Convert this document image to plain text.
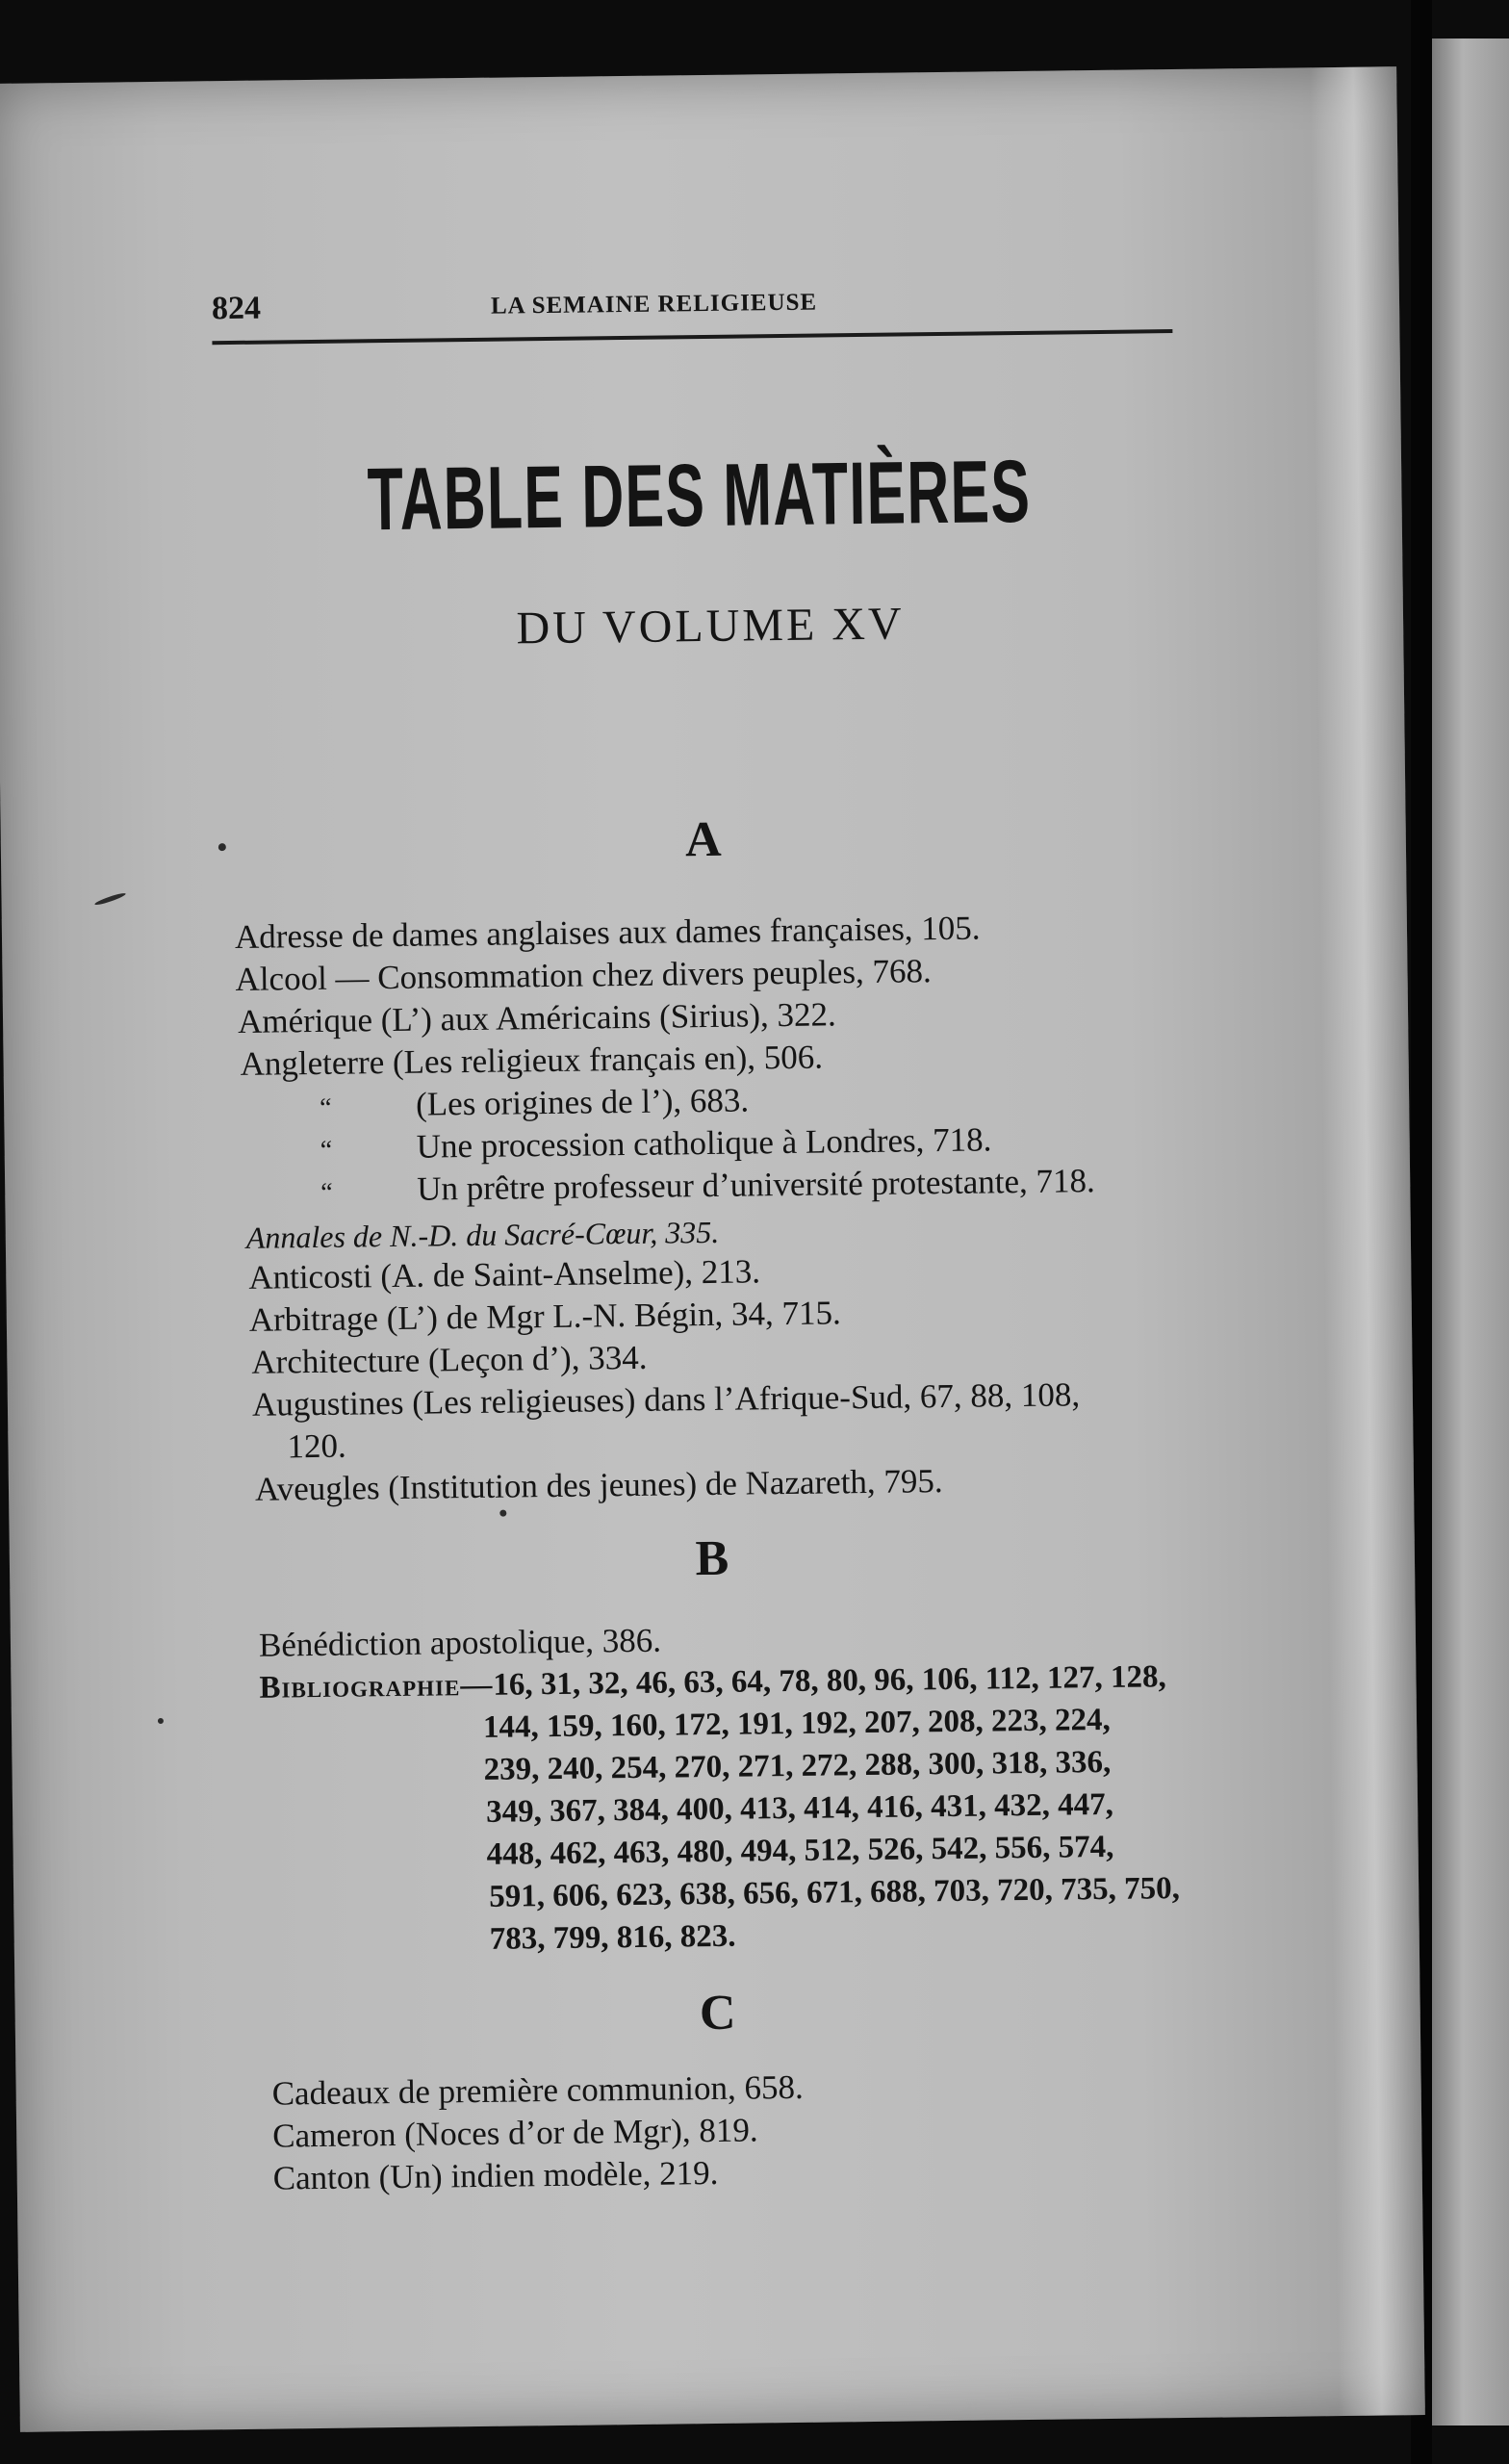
824	LA SEMAINE RELIGIEUSE
TABLE DES MATIÈRES
DU VOLUME XV
A
Adresse de dames anglaises aux dames françaises, 105.
Alcool — Consommation chez divers peuples, 768.
Amérique (L’) aux Américains (Sirius), 322.
Angleterre (Les religieux français en), 506.
“ (Les origines de l’), 683.
“ Une procession catholique à Londres, 718.
“ Un prêtre professeur d’université protestante, 718.
Annales de N.-D. du Sacré-Cœur, 335.
Anticosti (A. de Saint-Anselme), 213.
Arbitrage (L’) de Mgr L.-N. Bégin, 34, 715.
Architecture (Leçon d’), 334.
Augustines (Les religieuses) dans l’Afrique-Sud, 67, 88, 108,
120.
Aveugles (Institution des jeunes) de Nazareth, 795.
B
Bénédiction apostolique, 386.
Bibliographie—16, 31, 32, 46, 63, 64, 78, 80, 96, 106, 112, 127, 128,
144, 159, 160, 172, 191, 192, 207, 208, 223, 224,
239, 240, 254, 270, 271, 272, 288, 300, 318, 336,
349, 367, 384, 400, 413, 414, 416, 431, 432, 447,
448, 462, 463, 480, 494, 512, 526, 542, 556, 574,
591, 606, 623, 638, 656, 671, 688, 703, 720, 735, 750,
783, 799, 816, 823.
C
Cadeaux de première communion, 658.
Cameron (Noces d’or de Mgr), 819.
Canton (Un) indien modèle, 219.
